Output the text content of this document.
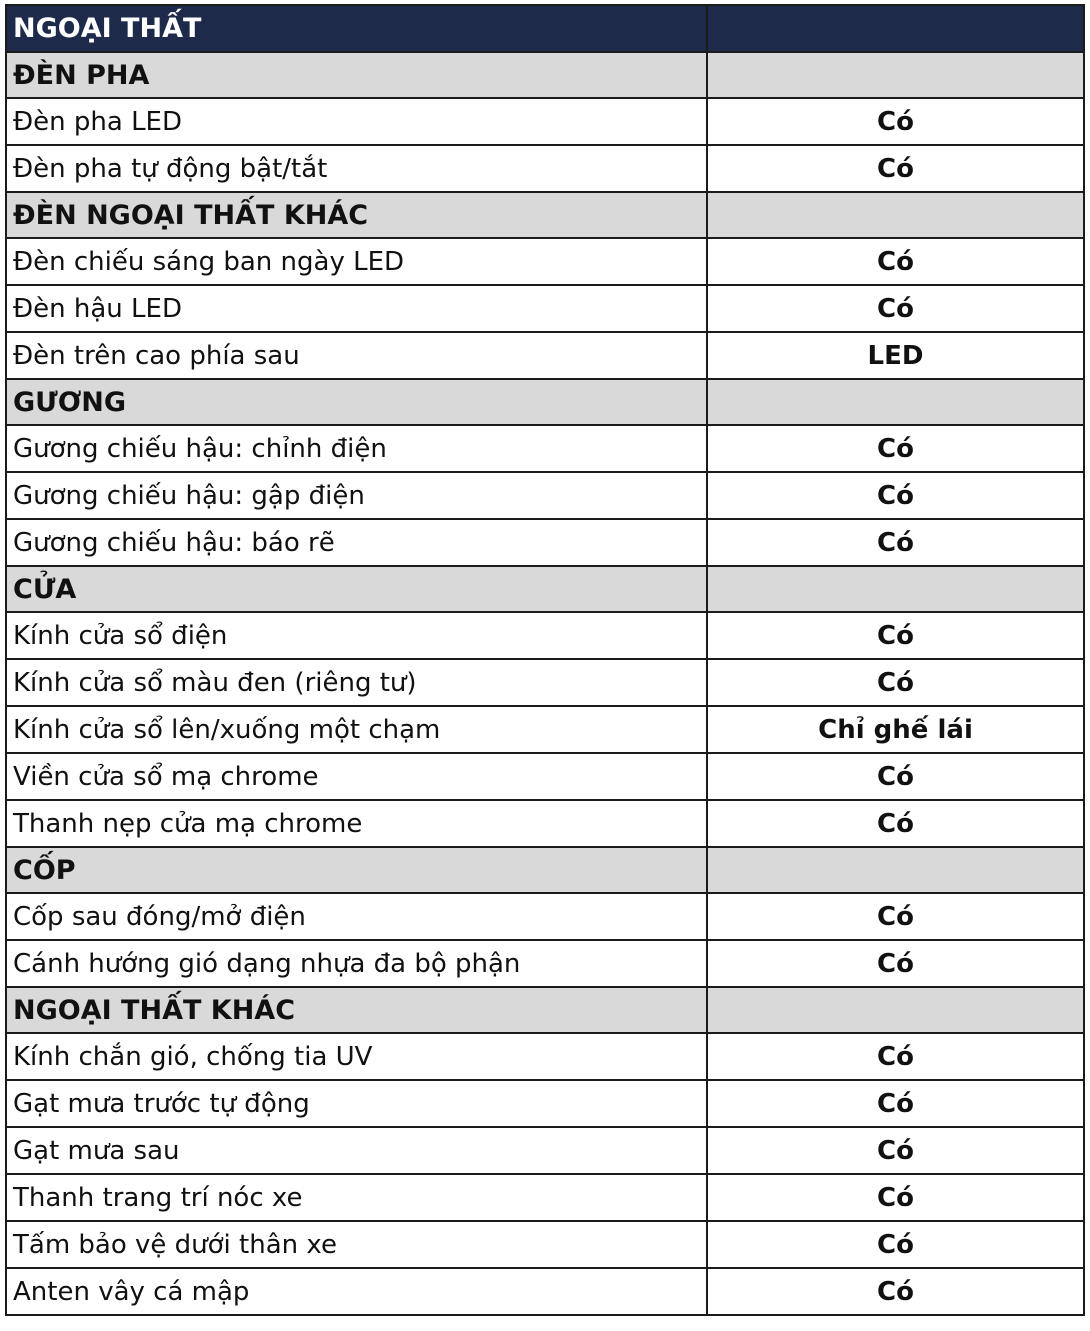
NGOẠI THẤT	
ĐÈN PHA	
Đèn pha LED	Có
Đèn pha tự động bật/tắt	Có
ĐÈN NGOẠI THẤT KHÁC	
Đèn chiếu sáng ban ngày LED	Có
Đèn hậu LED	Có
Đèn trên cao phía sau	LED
GƯƠNG	
Gương chiếu hậu: chỉnh điện	Có
Gương chiếu hậu: gập điện	Có
Gương chiếu hậu: báo rẽ	Có
CỬA	
Kính cửa sổ điện	Có
Kính cửa sổ màu đen (riêng tư)	Có
Kính cửa sổ lên/xuống một chạm	Chỉ ghế lái
Viền cửa sổ mạ chrome	Có
Thanh nẹp cửa mạ chrome	Có
CỐP	
Cốp sau đóng/mở điện	Có
Cánh hướng gió dạng nhựa đa bộ phận	Có
NGOẠI THẤT KHÁC	
Kính chắn gió, chống tia UV	Có
Gạt mưa trước tự động	Có
Gạt mưa sau	Có
Thanh trang trí nóc xe	Có
Tấm bảo vệ dưới thân xe	Có
Anten vây cá mập	Có
